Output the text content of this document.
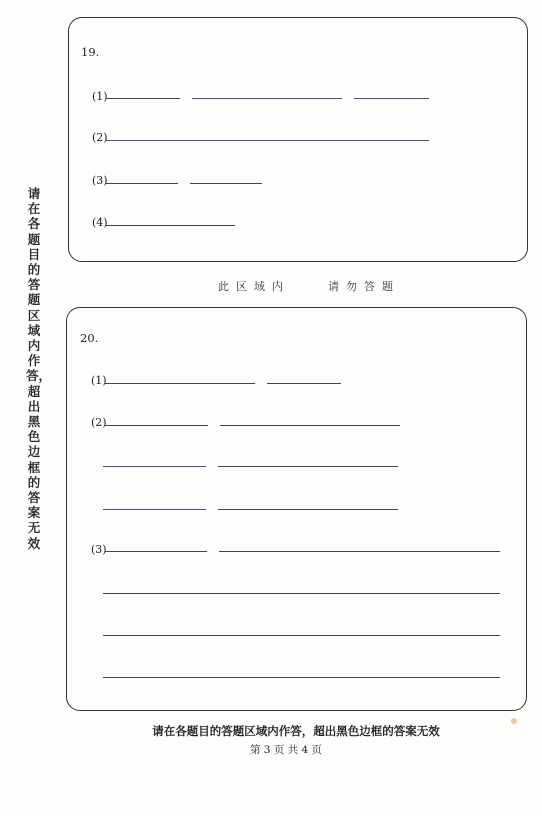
请在各题目的答题区域内作答，超出黑色边框的答案无效
19.
(1)
(2)
(3)
(4)
此区域内	请勿答题
20.
(1)
(2)
(3)
请在各题目的答题区域内作答，超出黑色边框的答案无效
第 3 页 共 4 页
